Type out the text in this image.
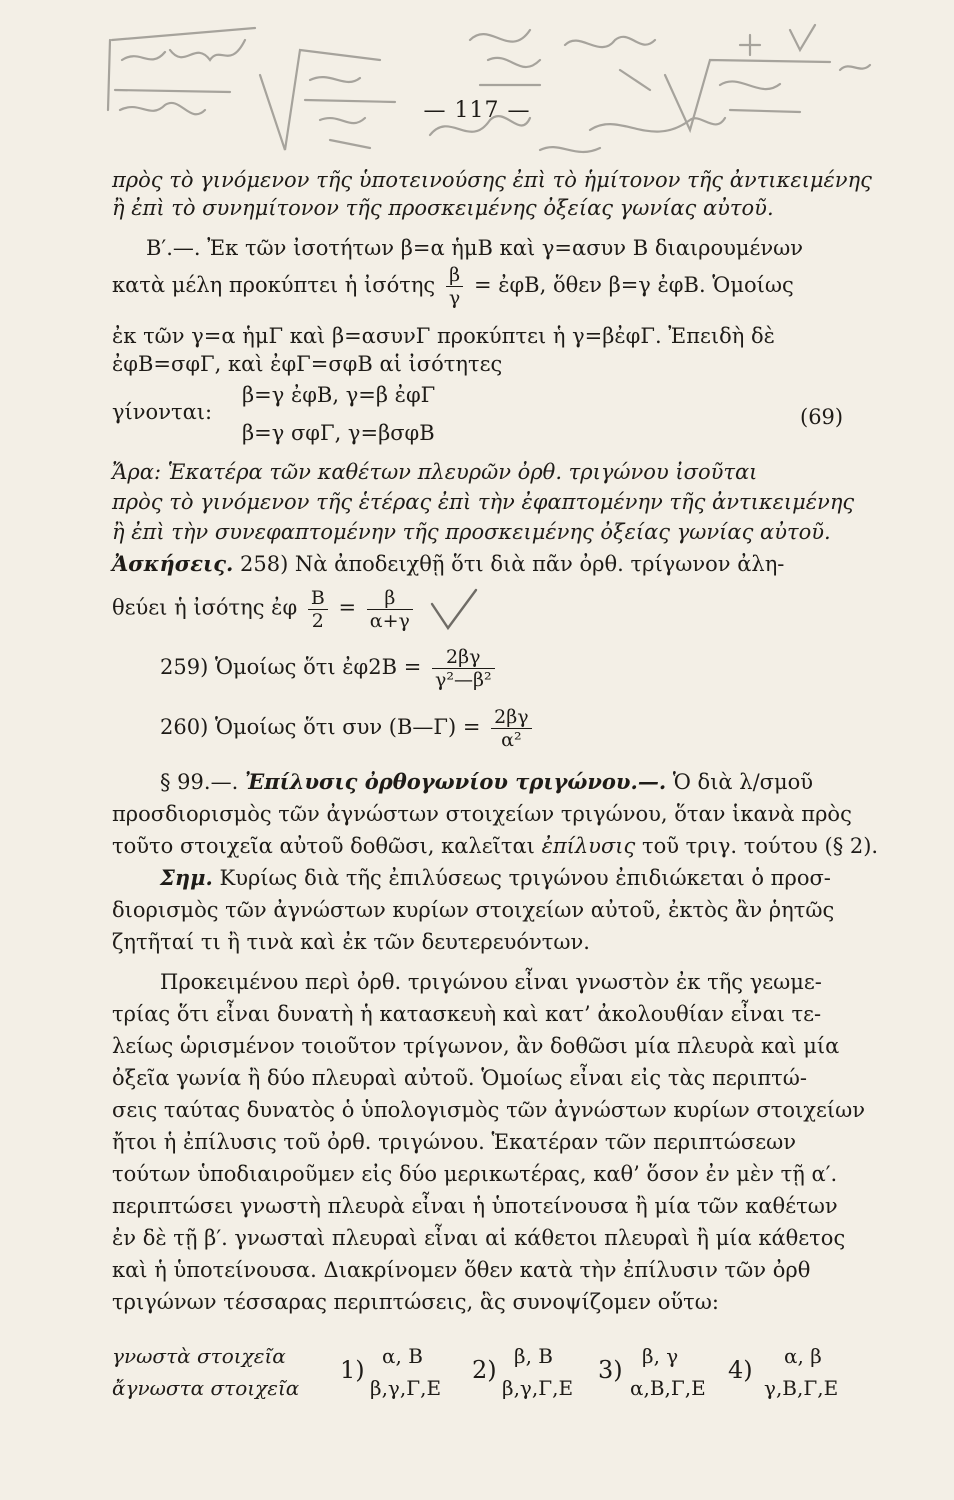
— 117 —
πρὸς τὸ γινόμενον τῆς ὑποτεινούσης ἐπὶ τὸ ἡμίτονον τῆς ἀντικειμένης
ἢ ἐπὶ τὸ συνημίτονον τῆς προσκειμένης ὀξείας γωνίας αὐτοῦ.
Β′.—. Ἐκ τῶν ἰσοτήτων β=α ἡμΒ καὶ γ=ασυν Β διαιρουμένων
κατὰ μέλη προκύπτει ἡ ἰσότης $\frac{\beta}{\gamma}$ = ἐφΒ, ὅθεν β=γ ἐφΒ. Ὁμοίως
ἐκ τῶν γ=α ἡμΓ καὶ β=ασυνΓ προκύπτει ἡ γ=βἐφΓ. Ἐπειδὴ δὲ
ἐφΒ=σφΓ, καὶ ἐφΓ=σφΒ αἱ ἰσότητες
γίνονται:
β=γ ἐφΒ, γ=β ἐφΓ
β=γ σφΓ, γ=βσφΒ
(69)
Ἄρα: Ἑκατέρα τῶν καθέτων πλευρῶν ὀρθ. τριγώνου ἰσοῦται
πρὸς τὸ γινόμενον τῆς ἑτέρας ἐπὶ τὴν ἐφαπτομένην τῆς ἀντικειμένης
ἢ ἐπὶ τὴν συνεφαπτομένην τῆς προσκειμένης ὀξείας γωνίας αὐτοῦ.
Ἀσκήσεις. 258) Νὰ ἀποδειχθῇ ὅτι διὰ πᾶν ὀρθ. τρίγωνον ἀλη-
θεύει ἡ ἰσότης ἐφ $\frac{B}{2} = \frac{\beta}{\alpha+\gamma}$

259) Ὁμοίως ὅτι ἐφ2Β = $\frac{2\beta\gamma}{\text{γ²—β²}}$
260) Ὁμοίως ὅτι συν (Β—Γ) = $\frac{2\beta\gamma}{\text{α²}}$
§ 99.—. Ἐπίλυσις ὀρθογωνίου τριγώνου.—. Ὁ διὰ λ/σμοῦ
προσδιορισμὸς τῶν ἀγνώστων στοιχείων τριγώνου, ὅταν ἱκανὰ πρὸς
τοῦτο στοιχεῖα αὐτοῦ δοθῶσι, καλεῖται ἐπίλυσις τοῦ τριγ. τούτου (§ 2).
Σημ. Κυρίως διὰ τῆς ἐπιλύσεως τριγώνου ἐπιδιώκεται ὁ προσ-
διορισμὸς τῶν ἀγνώστων κυρίων στοιχείων αὐτοῦ, ἐκτὸς ἂν ῥητῶς
ζητῆταί τι ἢ τινὰ καὶ ἐκ τῶν δευτερευόντων.
Προκειμένου περὶ ὀρθ. τριγώνου εἶναι γνωστὸν ἐκ τῆς γεωμε-
τρίας ὅτι εἶναι δυνατὴ ἡ κατασκευὴ καὶ κατ’ ἀκολουθίαν εἶναι τε-
λείως ὡρισμένον τοιοῦτον τρίγωνον, ἂν δοθῶσι μία πλευρὰ καὶ μία
ὀξεῖα γωνία ἢ δύο πλευραὶ αὐτοῦ. Ὁμοίως εἶναι εἰς τὰς περιπτώ-
σεις ταύτας δυνατὸς ὁ ὑπολογισμὸς τῶν ἀγνώστων κυρίων στοιχείων
ἤτοι ἡ ἐπίλυσις τοῦ ὀρθ. τριγώνου. Ἑκατέραν τῶν περιπτώσεων
τούτων ὑποδιαιροῦμεν εἰς δύο μερικωτέρας, καθ’ ὅσον ἐν μὲν τῇ α′.
περιπτώσει γνωστὴ πλευρὰ εἶναι ἡ ὑποτείνουσα ἢ μία τῶν καθέτων
ἐν δὲ τῇ β′. γνωσταὶ πλευραὶ εἶναι αἱ κάθετοι πλευραὶ ἢ μία κάθετος
καὶ ἡ ὑποτείνουσα. Διακρίνομεν ὅθεν κατὰ τὴν ἐπίλυσιν τῶν ὀρθ
τριγώνων τέσσαρας περιπτώσεις, ἃς συνοψίζομεν οὕτω:
γνωστὰ στοιχεῖα
ἄγνωστα στοιχεῖα
1) α, Β
β,γ,Γ,Ε
2) β, Β
β,γ,Γ,Ε
3) β, γ
α,Β,Γ,Ε
4) α, β
γ,Β,Γ,Ε
